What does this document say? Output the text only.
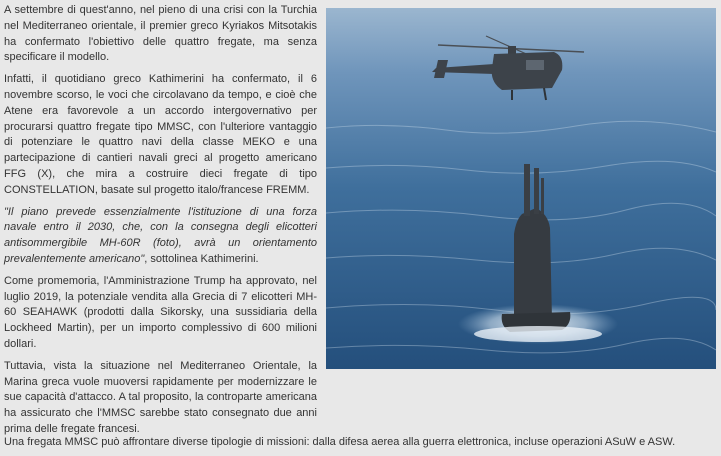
A settembre di quest'anno, nel pieno di una crisi con la Turchia nel Mediterraneo orientale, il premier greco Kyriakos Mitsotakis ha confermato l'obiettivo delle quattro fregate, ma senza specificare il modello.

Infatti, il quotidiano greco Kathimerini ha confermato, il 6 novembre scorso, le voci che circolavano da tempo, e cioè che Atene era favorevole a un accordo intergovernativo per procurarsi quattro fregate tipo MMSC, con l'ulteriore vantaggio di potenziare le quattro navi della classe MEKO e una partecipazione di cantieri navali greci al progetto americano FFG (X), che mira a costruire dieci fregate di tipo CONSTELLATION, basate sul progetto italo/francese FREMM.

"Il piano prevede essenzialmente l'istituzione di una forza navale entro il 2030, che, con la consegna degli elicotteri antisommergibile MH-60R (foto), avrà un orientamento prevalentemente americano", sottolinea Kathimerini.

Come promemoria, l'Amministrazione Trump ha approvato, nel luglio 2019, la potenziale vendita alla Grecia di 7 elicotteri MH-60 SEAHAWK (prodotti dalla Sikorsky, una sussidiaria della Lockheed Martin), per un importo complessivo di 600 milioni dollari.

Tuttavia, vista la situazione nel Mediterraneo Orientale, la Marina greca vuole muoversi rapidamente per modernizzare le sue capacità d'attacco. A tal proposito, la controparte americana ha assicurato che l'MMSC sarebbe stato consegnato due anni prima delle fregate francesi.

Una fregata MMSC può affrontare diverse tipologie di missioni: dalla difesa aerea alla guerra elettronica, incluse operazioni ASuW e ASW.
